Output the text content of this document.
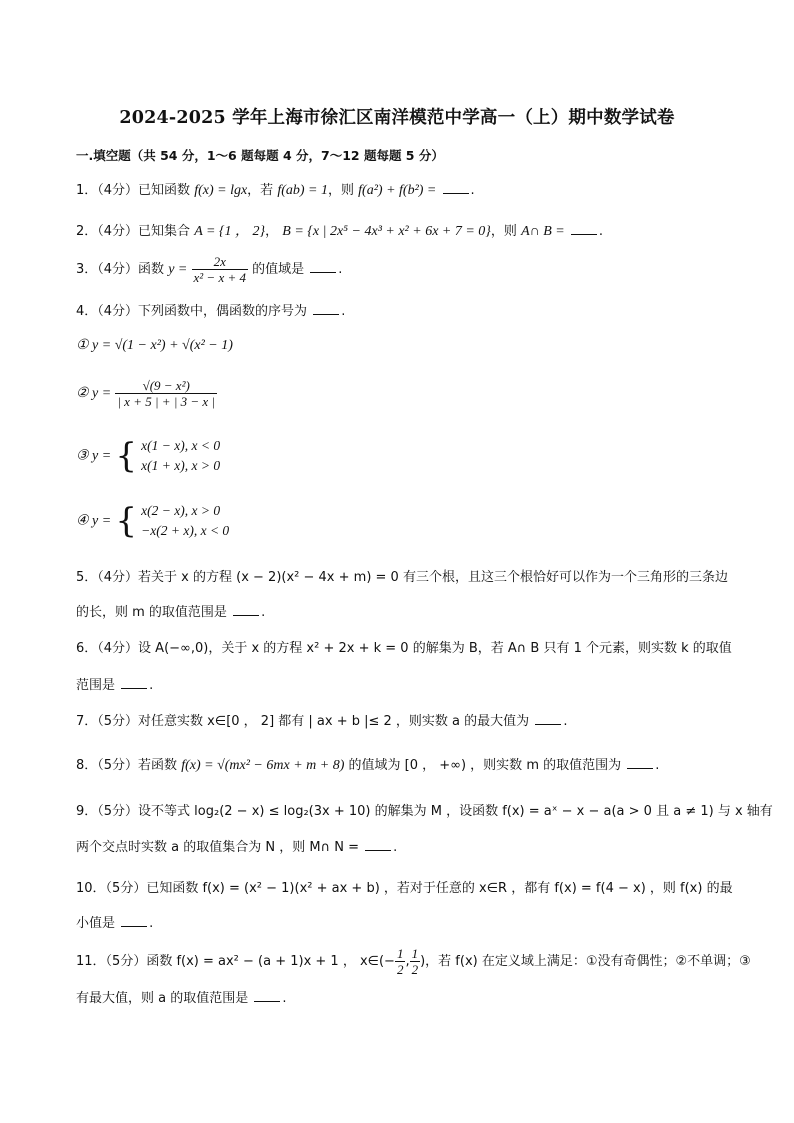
2024-2025 学年上海市徐汇区南洋模范中学高一（上）期中数学试卷
一.填空题（共 54 分，1～6 题每题 4 分，7～12 题每题 5 分）
1．（4分）已知函数 f(x) = lgx，若 f(ab) = 1，则 f(a²) + f(b²) =	.
2．（4分）已知集合 A = {1 ， 2}， B = {x | 2x⁵ − 4x³ + x² + 6x + 7 = 0}，则 A∩ B =	.
3．（4分）函数 $y = \frac{2x}{\text{x² − x + 4}}$ 的值域是	.
4．（4分）下列函数中，偶函数的序号为	.
① y = √(1 − x²) + √(x² − 1)
② $y = \frac{\text{√(9 − x²)}}{| x + 5 | + | 3 - x |}$
③ y = { x(1 − x), x < 0
x(1 + x), x > 0
④ y = { x(2 − x), x > 0
−x(2 + x), x < 0
5．（4分）若关于 x 的方程 (x − 2)(x² − 4x + m) = 0 有三个根，且这三个根恰好可以作为一个三角形的三条边
的长，则 m 的取值范围是	.
6．（4分）设 A(−∞,0)，关于 x 的方程 x² + 2x + k = 0 的解集为 B，若 A∩ B 只有 1 个元素，则实数 k 的取值
范围是	.
7．（5分）对任意实数 x∈[0 ， 2] 都有 | ax + b |≤ 2 ，则实数 a 的最大值为	.
8．（5分）若函数 f(x) = √(mx² − 6mx + m + 8) 的值域为 [0 ， +∞) ，则实数 m 的取值范围为	.
9．（5分）设不等式 log₂(2 − x) ≤ log₂(3x + 10) 的解集为 M ，设函数 f(x) = aˣ − x − a(a > 0 且 a ≠ 1) 与 x 轴有
两个交点时实数 a 的取值集合为 N ，则 M∩ N =	.
10．（5分）已知函数 f(x) = (x² − 1)(x² + ax + b) ，若对于任意的 x∈R ，都有 f(x) = f(4 − x) ，则 f(x) 的最
小值是	.
11．（5分）函数 f(x) = ax² − (a + 1)x + 1 ， x∈(− $\frac{1}{2}$ , $\frac{1}{2}$ )，若 f(x) 在定义域上满足：①没有奇偶性；②不单调；③
有最大值，则 a 的取值范围是	.
